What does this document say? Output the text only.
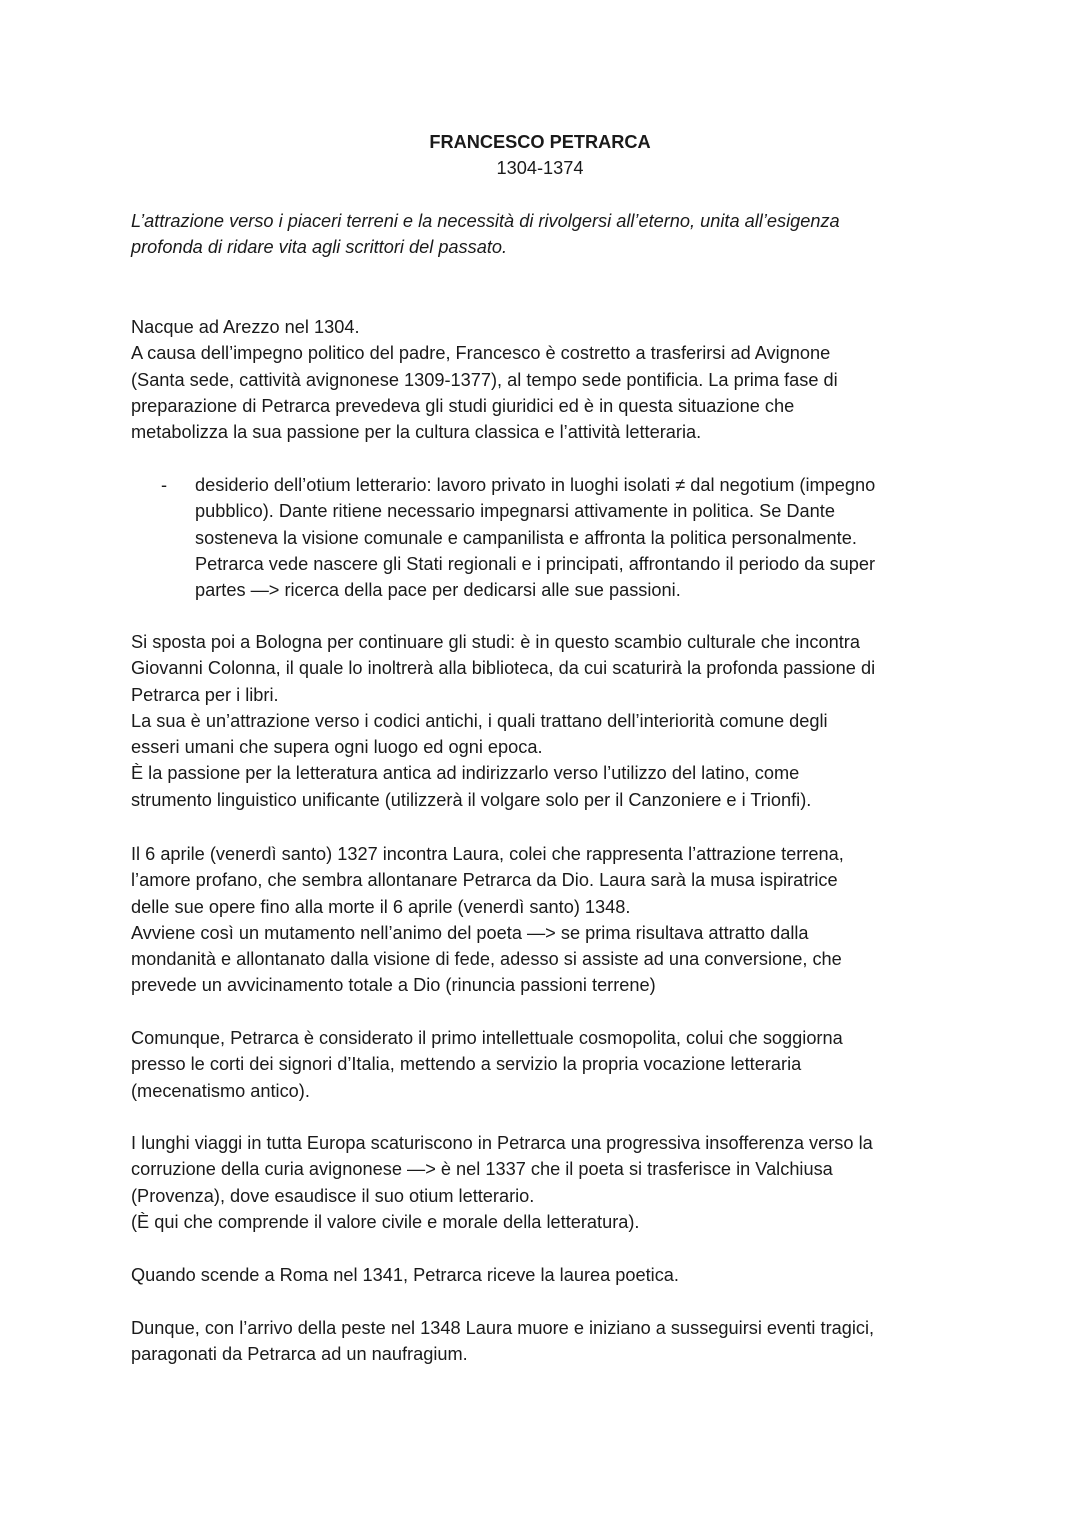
FRANCESCO PETRARCA
1304-1374
L’attrazione verso i piaceri terreni e la necessità di rivolgersi all’eterno, unita all’esigenza
profonda di ridare vita agli scrittori del passato.
Nacque ad Arezzo nel 1304.
A causa dell’impegno politico del padre, Francesco è costretto a trasferirsi ad Avignone
(Santa sede, cattività avignonese 1309-1377), al tempo sede pontificia. La prima fase di
preparazione di Petrarca prevedeva gli studi giuridici ed è in questa situazione che
metabolizza la sua passione per la cultura classica e l’attività letteraria.
- desiderio dell’otium letterario: lavoro privato in luoghi isolati ≠ dal negotium (impegno
pubblico). Dante ritiene necessario impegnarsi attivamente in politica. Se Dante
sosteneva la visione comunale e campanilista e affronta la politica personalmente.
Petrarca vede nascere gli Stati regionali e i principati, affrontando il periodo da super
partes —> ricerca della pace per dedicarsi alle sue passioni.
Si sposta poi a Bologna per continuare gli studi: è in questo scambio culturale che incontra
Giovanni Colonna, il quale lo inoltrerà alla biblioteca, da cui scaturirà la profonda passione di
Petrarca per i libri.
La sua è un’attrazione verso i codici antichi, i quali trattano dell’interiorità comune degli
esseri umani che supera ogni luogo ed ogni epoca.
È la passione per la letteratura antica ad indirizzarlo verso l’utilizzo del latino, come
strumento linguistico unificante (utilizzerà il volgare solo per il Canzoniere e i Trionfi).
Il 6 aprile (venerdì santo) 1327 incontra Laura, colei che rappresenta l’attrazione terrena,
l’amore profano, che sembra allontanare Petrarca da Dio. Laura sarà la musa ispiratrice
delle sue opere fino alla morte il 6 aprile (venerdì santo) 1348.
Avviene così un mutamento nell’animo del poeta —> se prima risultava attratto dalla
mondanità e allontanato dalla visione di fede, adesso si assiste ad una conversione, che
prevede un avvicinamento totale a Dio (rinuncia passioni terrene)
Comunque, Petrarca è considerato il primo intellettuale cosmopolita, colui che soggiorna
presso le corti dei signori d’Italia, mettendo a servizio la propria vocazione letteraria
(mecenatismo antico).
I lunghi viaggi in tutta Europa scaturiscono in Petrarca una progressiva insofferenza verso la
corruzione della curia avignonese —> è nel 1337 che il poeta si trasferisce in Valchiusa
(Provenza), dove esaudisce il suo otium letterario.
(È qui che comprende il valore civile e morale della letteratura).
Quando scende a Roma nel 1341, Petrarca riceve la laurea poetica.
Dunque, con l’arrivo della peste nel 1348 Laura muore e iniziano a susseguirsi eventi tragici,
paragonati da Petrarca ad un naufragium.
